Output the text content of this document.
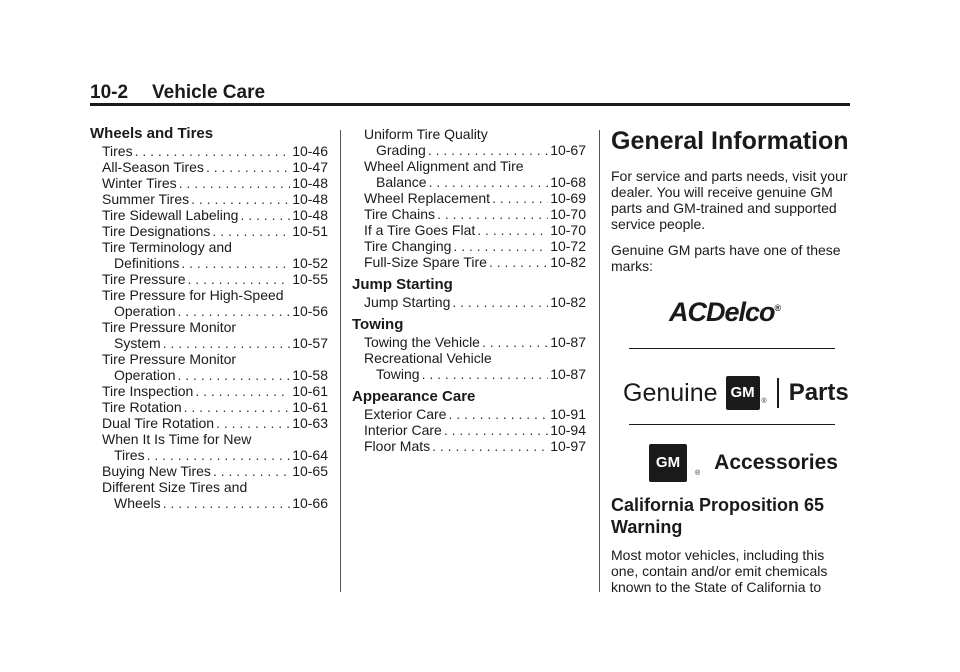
10-2 Vehicle Care
Wheels and Tires
Tires . . .	10-46
All-Season Tires . . .	10-47
Winter Tires . . .	10-48
Summer Tires . . .	10-48
Tire Sidewall Labeling . . .	10-48
Tire Designations . . .	10-51
Tire Terminology and
Definitions . . .	10-52
Tire Pressure . . .	10-55
Tire Pressure for High-Speed
Operation . . .	10-56
Tire Pressure Monitor
System . . .	10-57
Tire Pressure Monitor
Operation . . .	10-58
Tire Inspection . . .	10-61
Tire Rotation . . .	10-61
Dual Tire Rotation . . .	10-63
When It Is Time for New
Tires . . .	10-64
Buying New Tires . . .	10-65
Different Size Tires and
Wheels . . .	10-66
Uniform Tire Quality
Grading . . .	10-67
Wheel Alignment and Tire
Balance . . .	10-68
Wheel Replacement . . .	10-69
Tire Chains . . .	10-70
If a Tire Goes Flat . . .	10-70
Tire Changing . . .	10-72
Full-Size Spare Tire . . .	10-82
Jump Starting
Jump Starting . . .	10-82
Towing
Towing the Vehicle . . .	10-87
Recreational Vehicle
Towing . . .	10-87
Appearance Care
Exterior Care . . .	10-91
Interior Care . . .	10-94
Floor Mats . . .	10-97
General Information

For service and parts needs, visit your dealer. You will receive genuine GM parts and GM-trained and supported service people.

Genuine GM parts have one of these marks:

ACDelco®
Genuine GM
® Parts
GM
® Accessories
California Proposition 65 Warning

Most motor vehicles, including this one, contain and/or emit chemicals known to the State of California to
